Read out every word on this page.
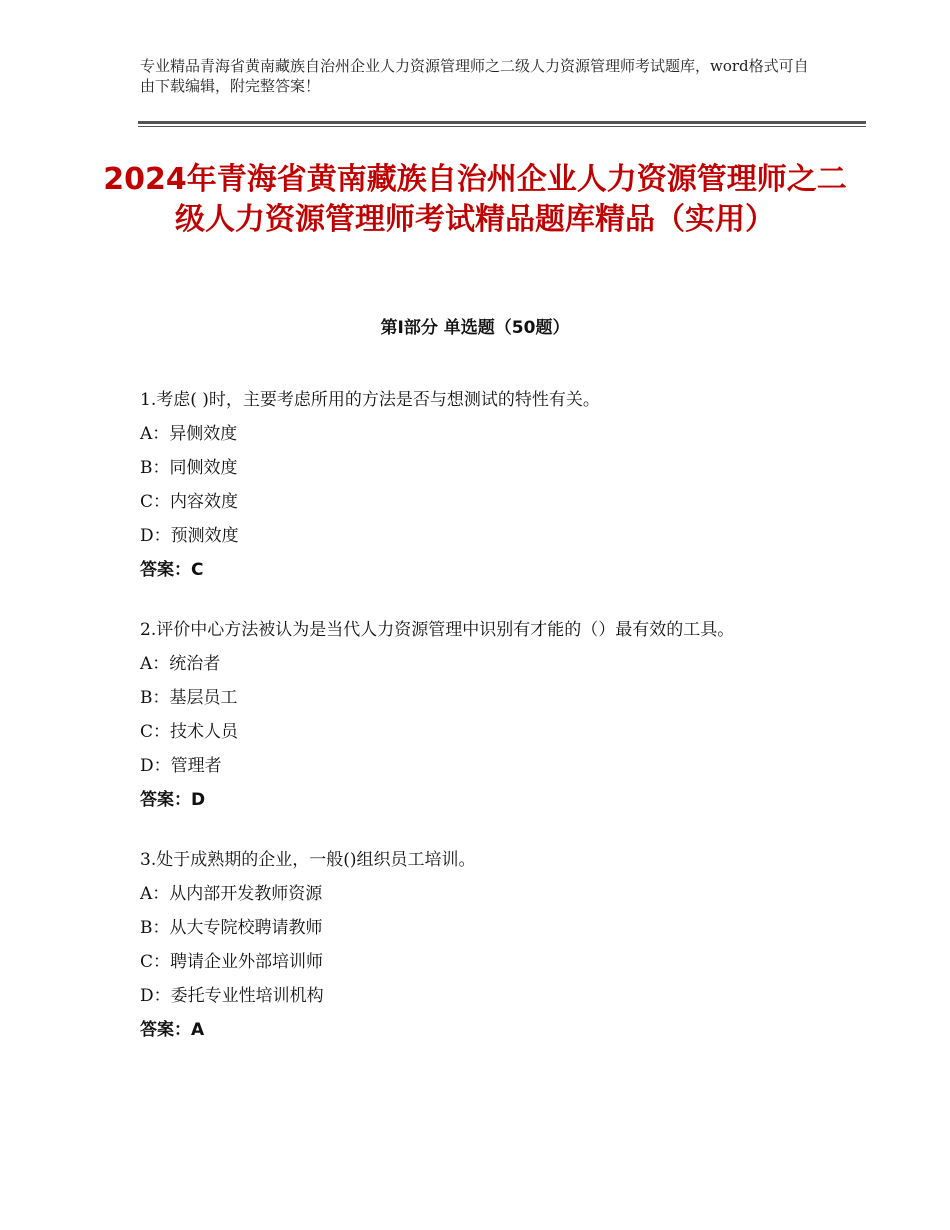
专业精品青海省黄南藏族自治州企业人力资源管理师之二级人力资源管理师考试题库，word格式可自由下载编辑，附完整答案！
2024年青海省黄南藏族自治州企业人力资源管理师之二级人力资源管理师考试精品题库精品（实用）
第Ⅰ部分 单选题（50题）
1.考虑( )时，主要考虑所用的方法是否与想测试的特性有关。
A：异侧效度
B：同侧效度
C：内容效度
D：预测效度
答案：C
2.评价中心方法被认为是当代人力资源管理中识别有才能的（）最有效的工具。
A：统治者
B：基层员工
C：技术人员
D：管理者
答案：D
3.处于成熟期的企业，一般()组织员工培训。
A：从内部开发教师资源
B：从大专院校聘请教师
C：聘请企业外部培训师
D：委托专业性培训机构
答案：A
